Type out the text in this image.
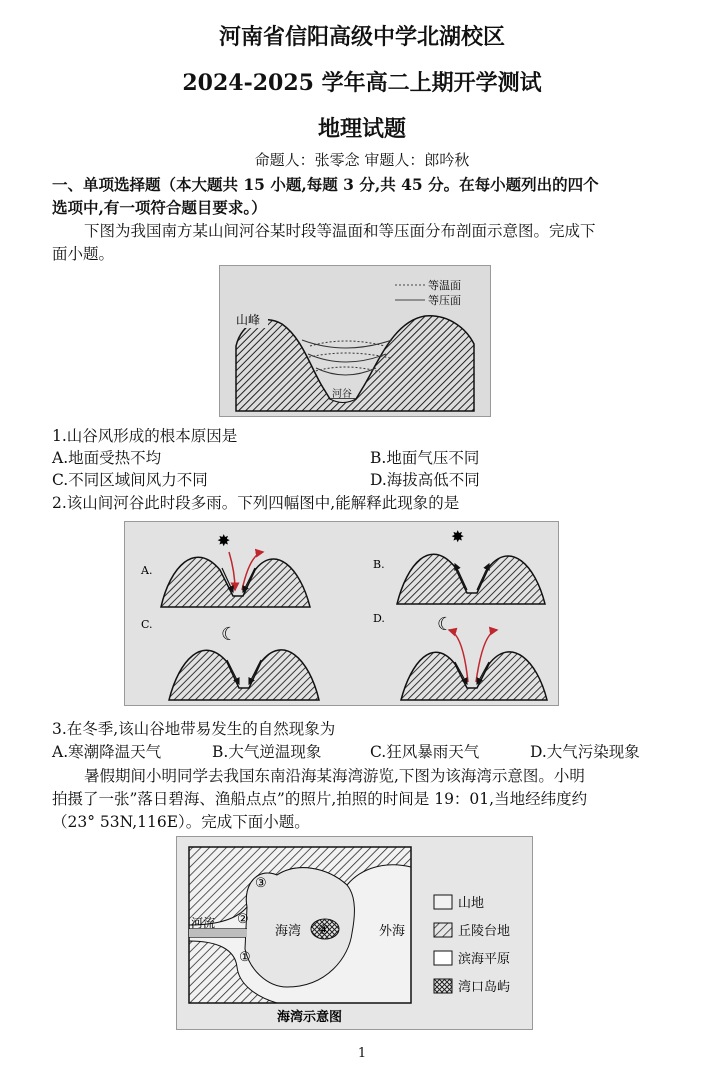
河南省信阳高级中学北湖校区
2024-2025 学年高二上期开学测试
地理试题
命题人：张零念 审题人：郎吟秋
一、单项选择题（本大题共 15 小题,每题 3 分,共 45 分。在每小题列出的四个
选项中,有一项符合题目要求。）
下图为我国南方某山间河谷某时段等温面和等压面分布剖面示意图。完成下
面小题。
等温面
等压面
山峰
河谷
1.山谷风形成的根本原因是
A.地面受热不均	B.地面气压不同
C.不同区域间风力不同	D.海拔高低不同
2.该山间河谷此时段多雨。下列四幅图中,能解释此现象的是
A.
✸
B.
✸
C.	☾
D.	☾
3.在冬季,该山谷地带易发生的自然现象为
A.寒潮降温天气	B.大气逆温现象	C.狂风暴雨天气	D.大气污染现象
暑假期间小明同学去我国东南沿海某海湾游览,下图为该海湾示意图。小明
拍摄了一张”落日碧海、渔船点点”的照片,拍照的时间是 19：01,当地经纬度约
（23° 53N,116E）。完成下面小题。
河流
海湾	外海
③
②
①
④
山地
丘陵台地
滨海平原
湾口岛屿
海湾示意图
1
